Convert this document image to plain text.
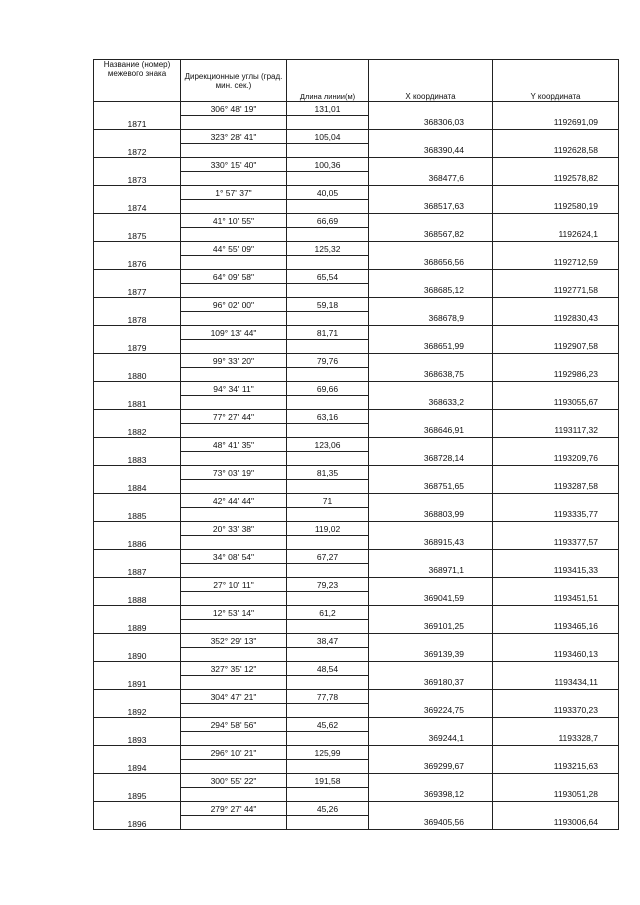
Название (номер) межевого знака	Дирекционные углы (град. мин. сек.)	Длина линии(м)	X координата	Y координата
	306° 48' 19"	131,01		
1871			368306,03	1192691,09
	323° 28' 41"	105,04		
1872			368390,44	1192628,58
	330° 15' 40"	100,36		
1873			368477,6	1192578,82
	1° 57' 37"	40,05		
1874			368517,63	1192580,19
	41° 10' 55"	66,69		
1875			368567,82	1192624,1
	44° 55' 09"	125,32		
1876			368656,56	1192712,59
	64° 09' 58"	65,54		
1877			368685,12	1192771,58
	96° 02' 00"	59,18		
1878			368678,9	1192830,43
	109° 13' 44"	81,71		
1879			368651,99	1192907,58
	99° 33' 20"	79,76		
1880			368638,75	1192986,23
	94° 34' 11"	69,66		
1881			368633,2	1193055,67
	77° 27' 44"	63,16		
1882			368646,91	1193117,32
	48° 41' 35"	123,06		
1883			368728,14	1193209,76
	73° 03' 19"	81,35		
1884			368751,65	1193287,58
	42° 44' 44"	71		
1885			368803,99	1193335,77
	20° 33' 38"	119,02		
1886			368915,43	1193377,57
	34° 08' 54"	67,27		
1887			368971,1	1193415,33
	27° 10' 11"	79,23		
1888			369041,59	1193451,51
	12° 53' 14"	61,2		
1889			369101,25	1193465,16
	352° 29' 13"	38,47		
1890			369139,39	1193460,13
	327° 35' 12"	48,54		
1891			369180,37	1193434,11
	304° 47' 21"	77,78		
1892			369224,75	1193370,23
	294° 58' 56"	45,62		
1893			369244,1	1193328,7
	296° 10' 21"	125,99		
1894			369299,67	1193215,63
	300° 55' 22"	191,58		
1895			369398,12	1193051,28
	279° 27' 44"	45,26		
1896			369405,56	1193006,64
